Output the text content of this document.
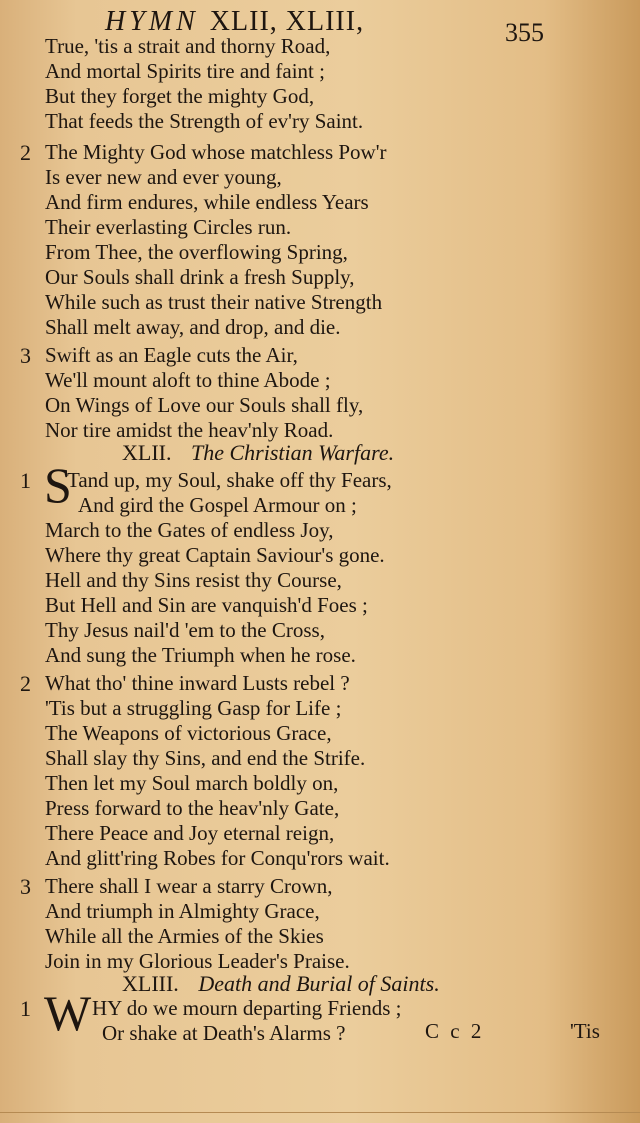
HYMN XLII, XLIII,	355
True, 'tis a strait and thorny Road,
And mortal Spirits tire and faint ;
But they forget the mighty God,
That feeds the Strength of ev'ry Saint.
2 The Mighty God whose matchless Pow'r
Is ever new and ever young,
And firm endures, while endless Years
Their everlasting Circles run.
From Thee, the overflowing Spring,
Our Souls shall drink a fresh Supply,
While such as trust their native Strength
Shall melt away, and drop, and die.
3 Swift as an Eagle cuts the Air,
We'll mount aloft to thine Abode ;
On Wings of Love our Souls shall fly,
Nor tire amidst the heav'nly Road.
XLII. The Christian Warfare.
1 S
Tand up, my Soul, shake off thy Fears,
And gird the Gospel Armour on ;
March to the Gates of endless Joy,
Where thy great Captain Saviour's gone.
Hell and thy Sins resist thy Course,
But Hell and Sin are vanquish'd Foes ;
Thy Jesus nail'd 'em to the Cross,
And sung the Triumph when he rose.
2 What tho' thine inward Lusts rebel ?
'Tis but a struggling Gasp for Life ;
The Weapons of victorious Grace,
Shall slay thy Sins, and end the Strife.
Then let my Soul march boldly on,
Press forward to the heav'nly Gate,
There Peace and Joy eternal reign,
And glitt'ring Robes for Conqu'rors wait.
3 There shall I wear a starry Crown,
And triumph in Almighty Grace,
While all the Armies of the Skies
Join in my Glorious Leader's Praise.
XLIII. Death and Burial of Saints.
1 W HY do we mourn departing Friends ;
Or shake at Death's Alarms ?	C c 2	'Tis
